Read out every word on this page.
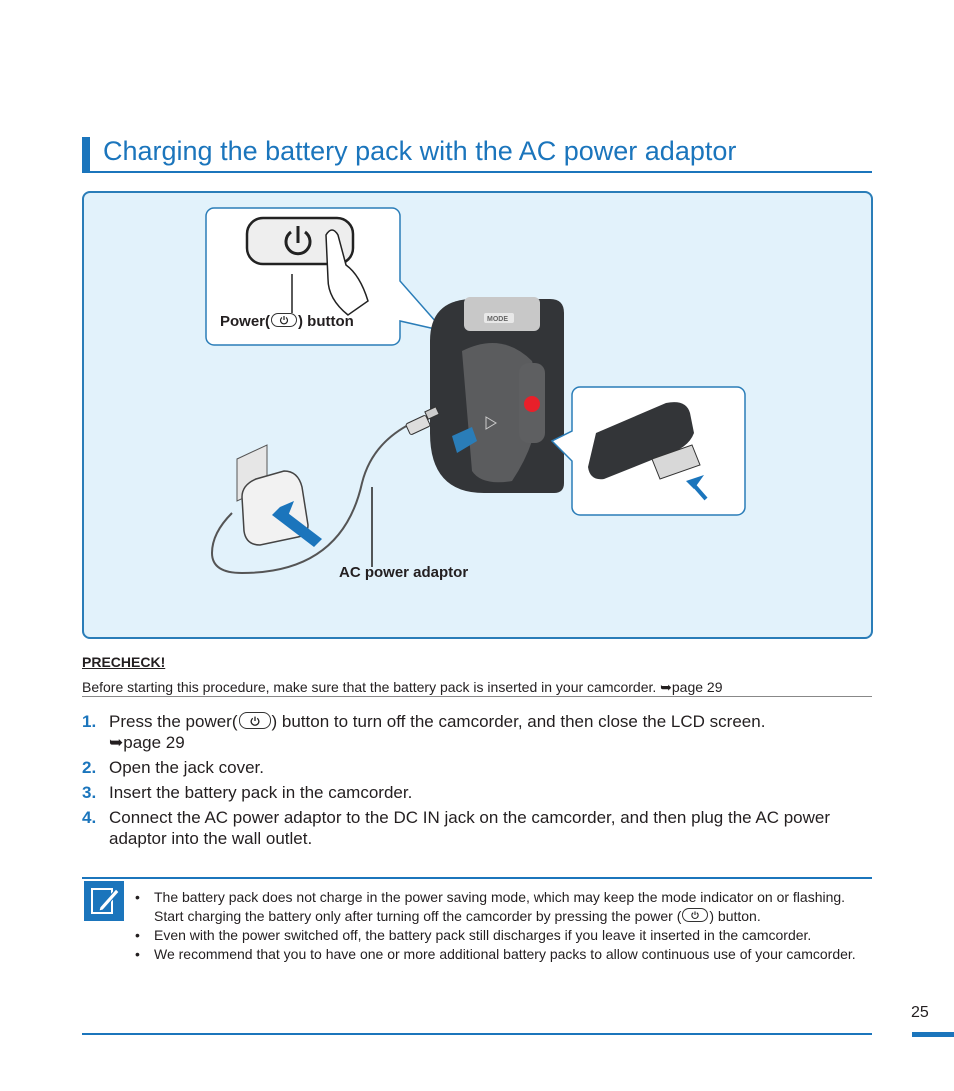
Charging the battery pack with the AC power adaptor
Power( ) button
AC power adaptor
MODE
PRECHECK!
Before starting this procedure, make sure that the battery pack is inserted in your camcorder. ➥page 29
1. Press the power( ) button to turn off the camcorder, and then close the LCD screen.
➥page 29
2. Open the jack cover.
3. Insert the battery pack in the camcorder.
4. Connect the AC power adaptor to the DC IN jack on the camcorder, and then plug the AC power adaptor into the wall outlet.
• The battery pack does not charge in the power saving mode, which may keep the mode indicator on or flashing. Start charging the battery only after turning off the camcorder by pressing the power ( ) button.
• Even with the power switched off, the battery pack still discharges if you leave it inserted in the camcorder.
• We recommend that you to have one or more additional battery packs to allow continuous use of your camcorder.
25
